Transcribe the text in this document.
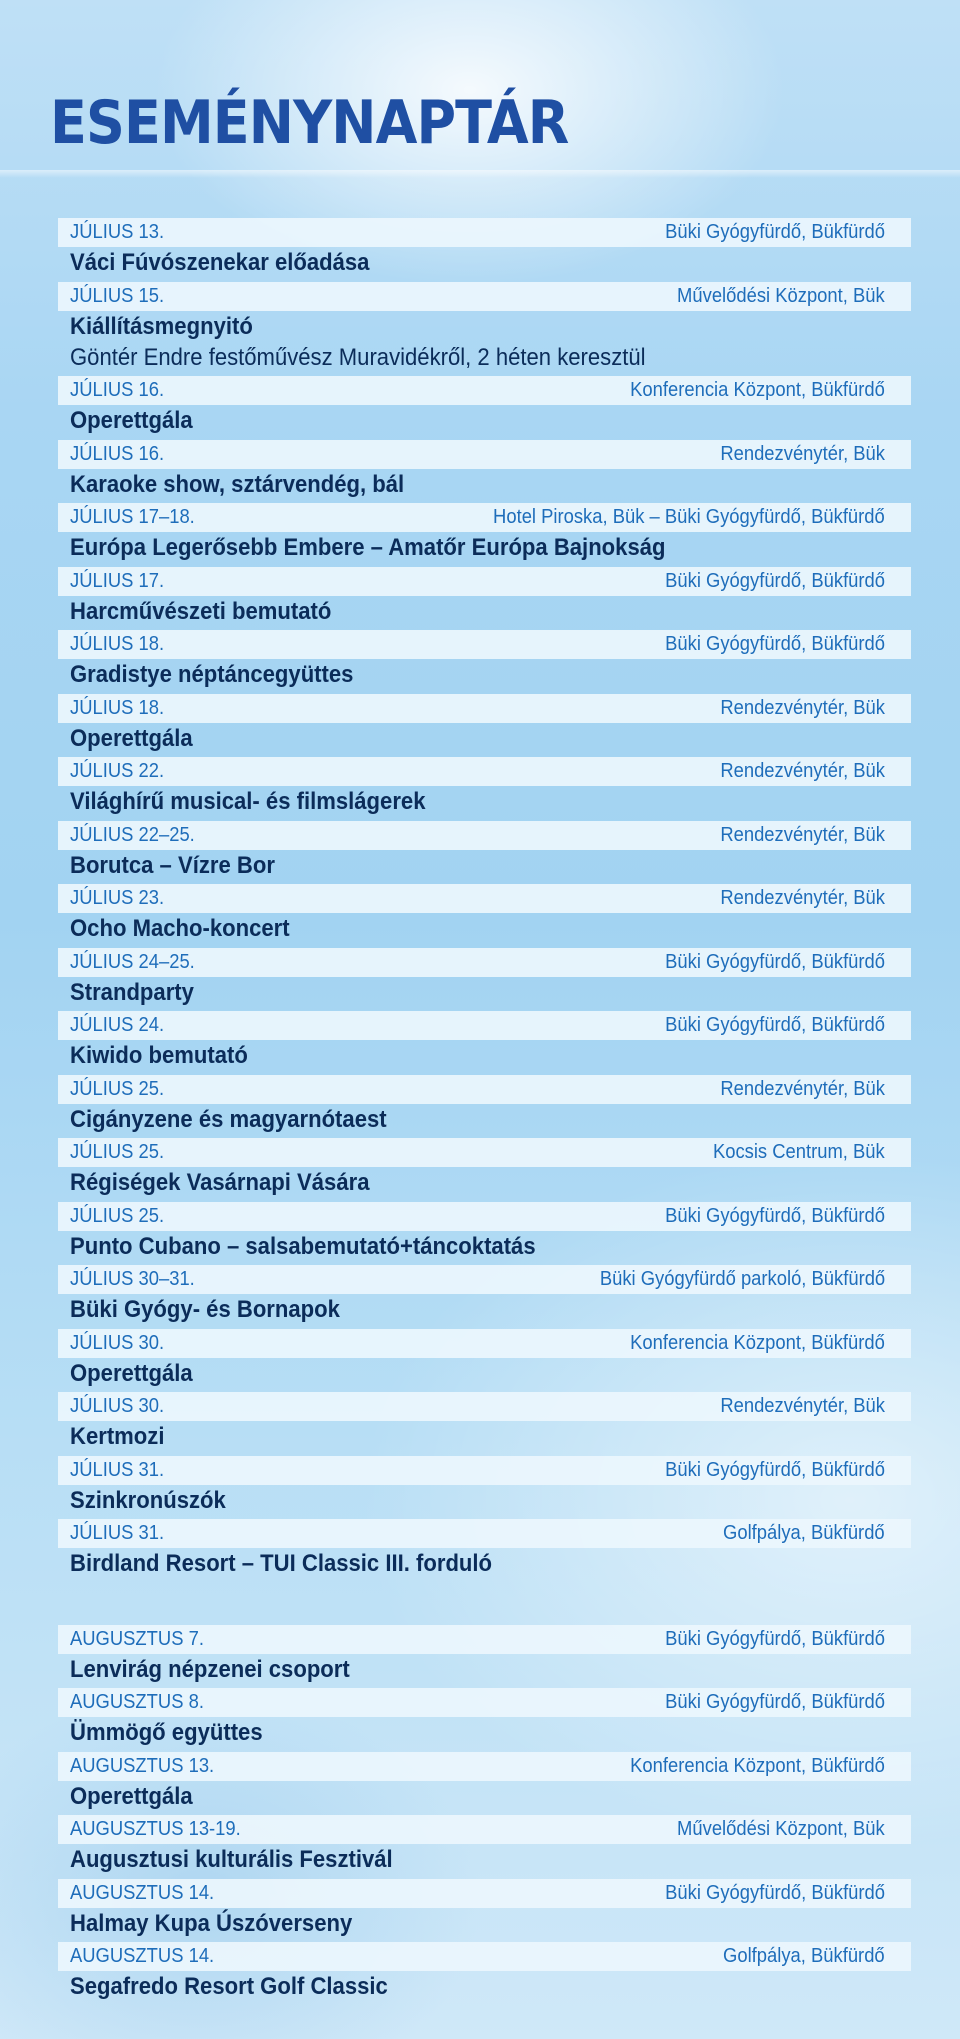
ESEMÉNYNAPTÁR
JÚLIUS 13.	Büki Gyógyfürdő, Bükfürdő
Váci Fúvószenekar előadása
JÚLIUS 15.	Művelődési Központ, Bük
Kiállításmegnyitó
Göntér Endre festőművész Muravidékről, 2 héten keresztül
JÚLIUS 16.	Konferencia Központ, Bükfürdő
Operettgála
JÚLIUS 16.	Rendezvénytér, Bük
Karaoke show, sztárvendég, bál
JÚLIUS 17–18.	Hotel Piroska, Bük – Büki Gyógyfürdő, Bükfürdő
Európa Legerősebb Embere – Amatőr Európa Bajnokság
JÚLIUS 17.	Büki Gyógyfürdő, Bükfürdő
Harcművészeti bemutató
JÚLIUS 18.	Büki Gyógyfürdő, Bükfürdő
Gradistye néptáncegyüttes
JÚLIUS 18.	Rendezvénytér, Bük
Operettgála
JÚLIUS 22.	Rendezvénytér, Bük
Világhírű musical- és filmslágerek
JÚLIUS 22–25.	Rendezvénytér, Bük
Borutca – Vízre Bor
JÚLIUS 23.	Rendezvénytér, Bük
Ocho Macho-koncert
JÚLIUS 24–25.	Büki Gyógyfürdő, Bükfürdő
Strandparty
JÚLIUS 24.	Büki Gyógyfürdő, Bükfürdő
Kiwido bemutató
JÚLIUS 25.	Rendezvénytér, Bük
Cigányzene és magyarnótaest
JÚLIUS 25.	Kocsis Centrum, Bük
Régiségek Vasárnapi Vására
JÚLIUS 25.	Büki Gyógyfürdő, Bükfürdő
Punto Cubano – salsabemutató+táncoktatás
JÚLIUS 30–31.	Büki Gyógyfürdő parkoló, Bükfürdő
Büki Gyógy- és Bornapok
JÚLIUS 30.	Konferencia Központ, Bükfürdő
Operettgála
JÚLIUS 30.	Rendezvénytér, Bük
Kertmozi
JÚLIUS 31.	Büki Gyógyfürdő, Bükfürdő
Szinkronúszók
JÚLIUS 31.	Golfpálya, Bükfürdő
Birdland Resort – TUI Classic III. forduló
AUGUSZTUS 7.	Büki Gyógyfürdő, Bükfürdő
Lenvirág népzenei csoport
AUGUSZTUS 8.	Büki Gyógyfürdő, Bükfürdő
Ümmögő együttes
AUGUSZTUS 13.	Konferencia Központ, Bükfürdő
Operettgála
AUGUSZTUS 13-19.	Művelődési Központ, Bük
Augusztusi kulturális Fesztivál
AUGUSZTUS 14.	Büki Gyógyfürdő, Bükfürdő
Halmay Kupa Úszóverseny
AUGUSZTUS 14.	Golfpálya, Bükfürdő
Segafredo Resort Golf Classic
